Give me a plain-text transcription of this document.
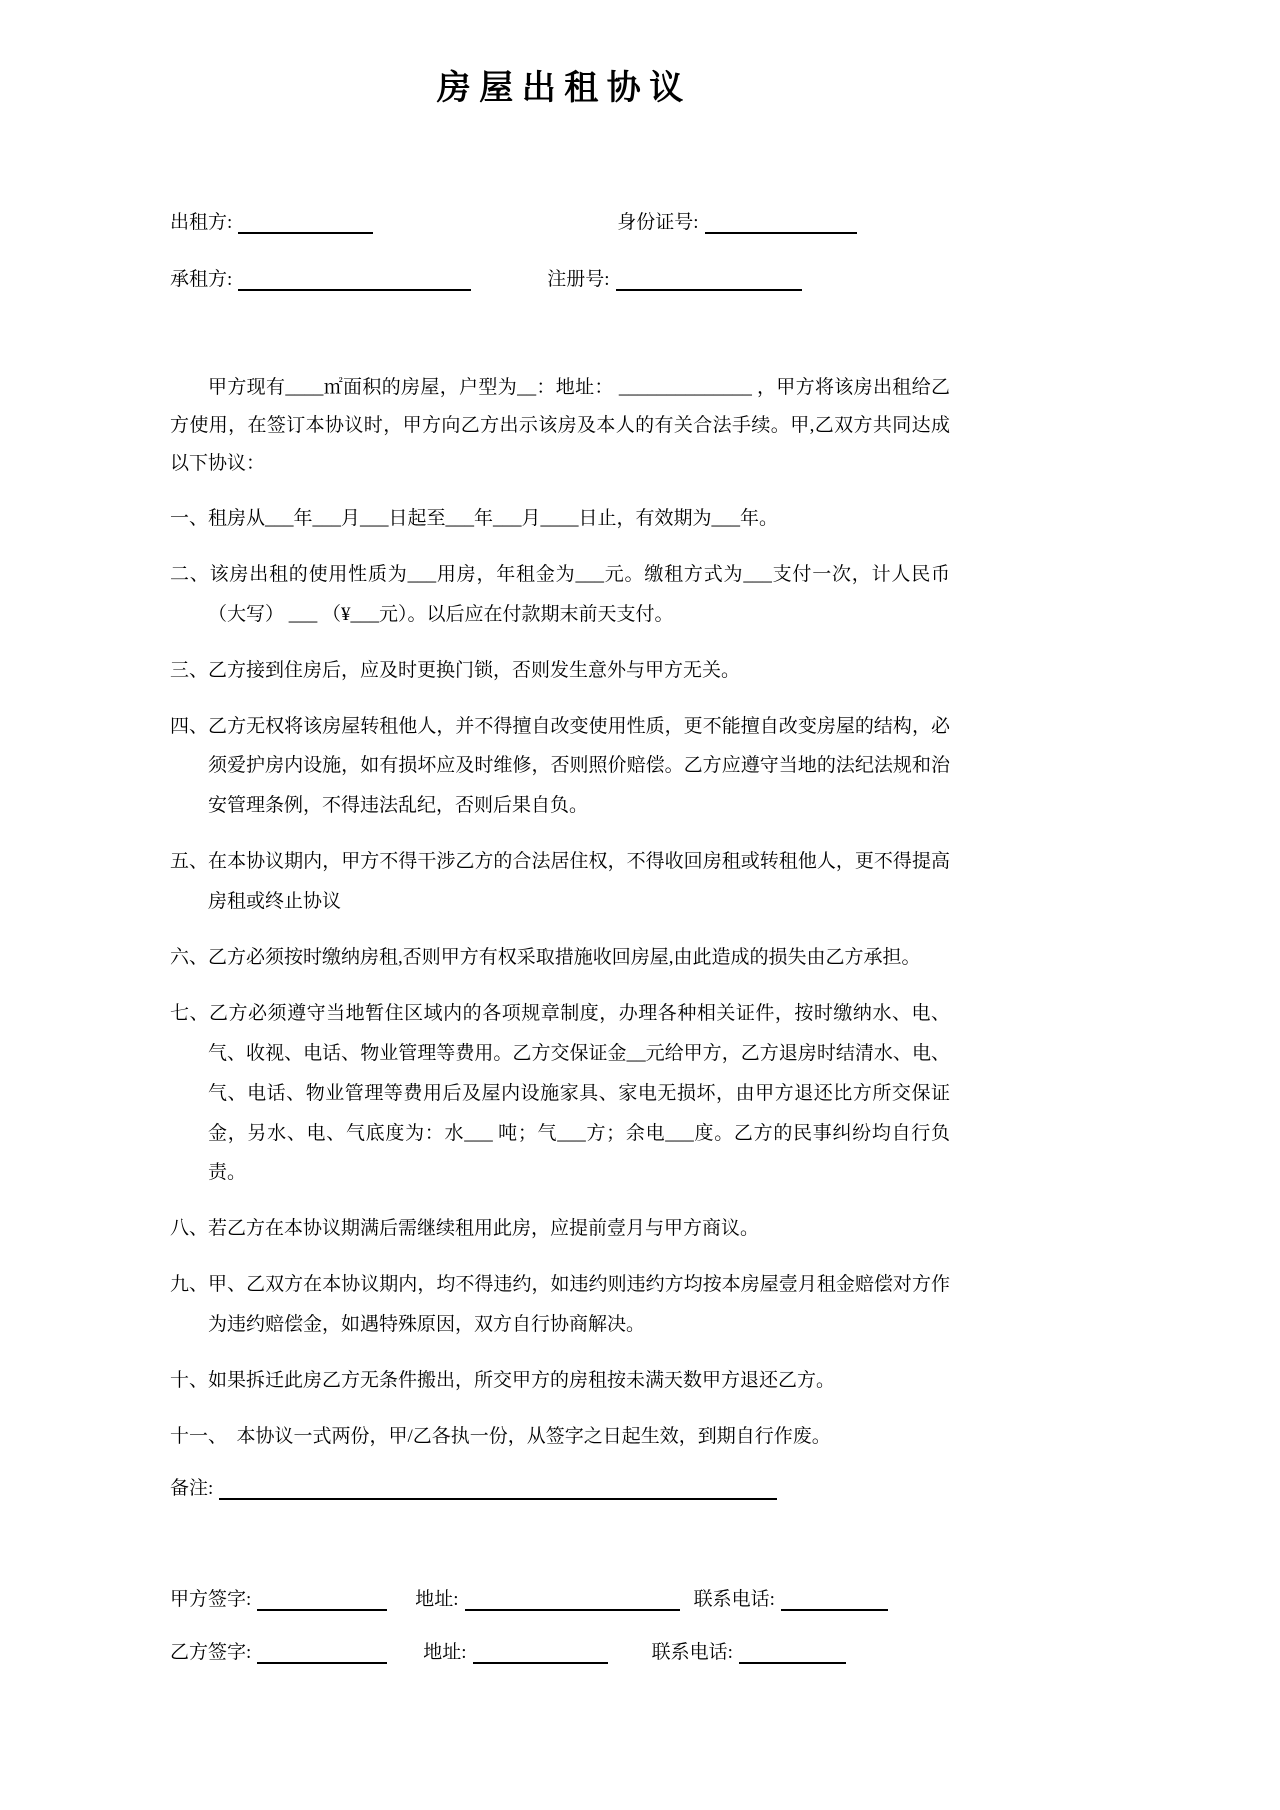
房 屋 出 租 协 议
出租方:	身份证号:
承租方:	注册号:

甲方现有____㎡面积的房屋，户型为__：地址： ______________ ，甲方将该房出租给乙方使用，在签订本协议时，甲方向乙方出示该房及本人的有关合法手续。甲,乙双方共同达成以下协议：

一、租房从___年___月___日起至___年___月____日止，有效期为___年。

二、该房出租的使用性质为___用房，年租金为___元。缴租方式为___支付一次，计人民币（大写） ___ （¥___元）。以后应在付款期末前天支付。

三、乙方接到住房后，应及时更换门锁，否则发生意外与甲方无关。

四、乙方无权将该房屋转租他人，并不得擅自改变使用性质，更不能擅自改变房屋的结构，必须爱护房内设施，如有损坏应及时维修，否则照价赔偿。乙方应遵守当地的法纪法规和治安管理条例，不得违法乱纪，否则后果自负。

五、在本协议期内，甲方不得干涉乙方的合法居住权，不得收回房租或转租他人，更不得提高房租或终止协议

六、乙方必须按时缴纳房租,否则甲方有权采取措施收回房屋,由此造成的损失由乙方承担。

七、乙方必须遵守当地暂住区域内的各项规章制度，办理各种相关证件，按时缴纳水、电、气、收视、电话、物业管理等费用。乙方交保证金__元给甲方，乙方退房时结清水、电、气、电话、物业管理等费用后及屋内设施家具、家电无损坏，由甲方退还比方所交保证金，另水、电、气底度为：水___ 吨；气___方；余电___度。乙方的民事纠纷均自行负责。

八、若乙方在本协议期满后需继续租用此房，应提前壹月与甲方商议。

九、甲、乙双方在本协议期内，均不得违约，如违约则违约方均按本房屋壹月租金赔偿对方作为违约赔偿金，如遇特殊原因，双方自行协商解决。

十、如果拆迁此房乙方无条件搬出，所交甲方的房租按未满天数甲方退还乙方。

十一、　本协议一式两份，甲/乙各执一份，从签字之日起生效，到期自行作废。

备注:
甲方签字:	地址:	联系电话:
乙方签字:	地址:	联系电话:
